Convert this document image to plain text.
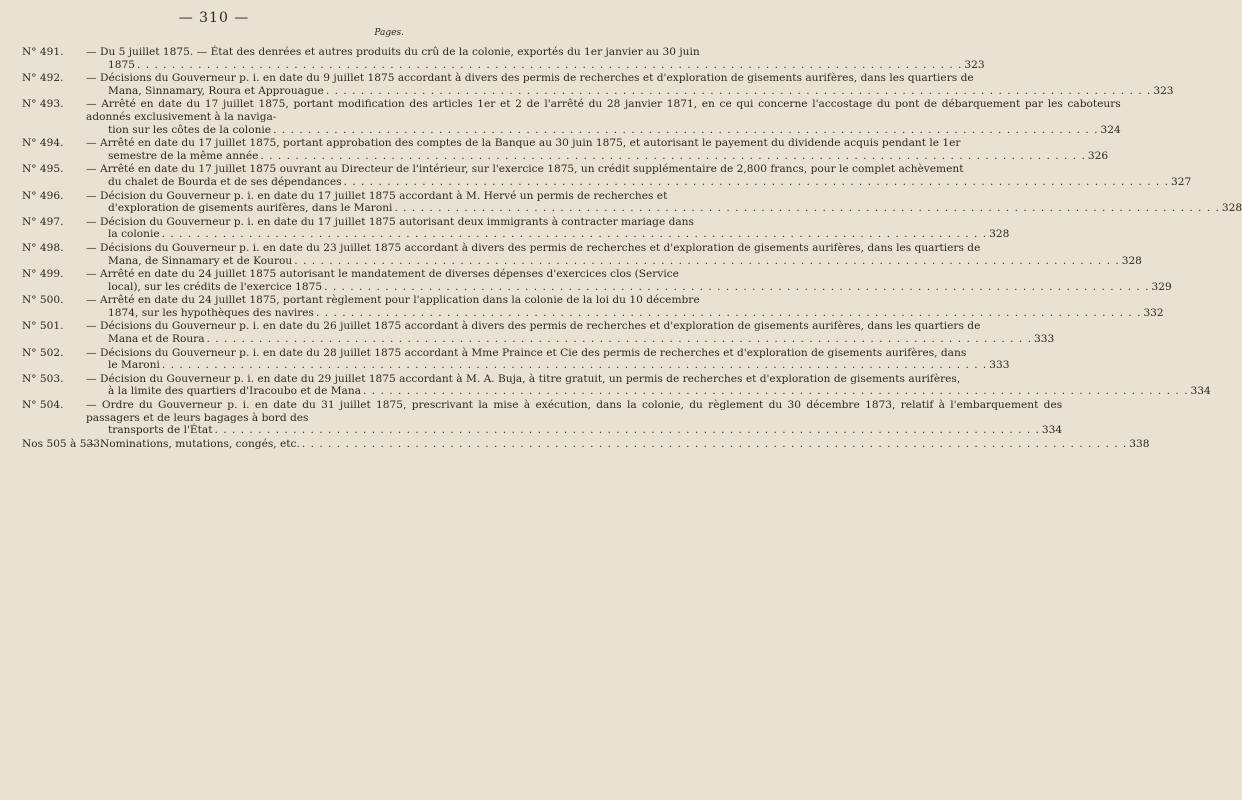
— 310 —
Pages.
N° 491.	— Du 5 juillet 1875. — État des denrées et autres produits du crû de la colonie, exportés du 1er janvier au 30 juin
1875 . . .	323
N° 492.	— Décisions du Gouverneur p. i. en date du 9 juillet 1875 accordant à divers des permis de recherches et d'exploration de gisements aurifères, dans les quartiers de
Mana, Sinnamary, Roura et Approuague . . .	323
N° 493.	— Arrêté en date du 17 juillet 1875, portant modification des articles 1er et 2 de l'arrêté du 28 janvier 1871, en ce qui concerne l'accostage du pont de débarquement par les caboteurs adonnés exclusivement à la naviga-
tion sur les côtes de la colonie . . .	324
N° 494.	— Arrêté en date du 17 juillet 1875, portant approbation des comptes de la Banque au 30 juin 1875, et autorisant le payement du dividende acquis pendant le 1er
semestre de la même année . . .	326
N° 495.	— Arrêté en date du 17 juillet 1875 ouvrant au Directeur de l'intérieur, sur l'exercice 1875, un crédit supplémentaire de 2,800 francs, pour le complet achèvement
du chalet de Bourda et de ses dépendances . . .	327
N° 496.	— Décision du Gouverneur p. i. en date du 17 juillet 1875 accordant à M. Hervé un permis de recherches et
d'exploration de gisements aurifères, dans le Maroni . . .	328
N° 497.	— Décision du Gouverneur p. i. en date du 17 juillet 1875 autorisant deux immigrants à contracter mariage dans
la colonie . . .	328
N° 498.	— Décisions du Gouverneur p. i. en date du 23 juillet 1875 accordant à divers des permis de recherches et d'exploration de gisements aurifères, dans les quartiers de
Mana, de Sinnamary et de Kourou . . .	328
N° 499.	— Arrêté en date du 24 juillet 1875 autorisant le mandatement de diverses dépenses d'exercices clos (Service
local), sur les crédits de l'exercice 1875 . . .	329
N° 500.	— Arrêté en date du 24 juillet 1875, portant règlement pour l'application dans la colonie de la loi du 10 décembre
1874, sur les hypothèques des navires . . .	332
N° 501.	— Décisions du Gouverneur p. i. en date du 26 juillet 1875 accordant à divers des permis de recherches et d'exploration de gisements aurifères, dans les quartiers de
Mana et de Roura . . .	333
N° 502.	— Décisions du Gouverneur p. i. en date du 28 juillet 1875 accordant à Mme Praince et Cie des permis de recherches et d'exploration de gisements aurifères, dans
le Maroni . . .	333
N° 503.	— Décision du Gouverneur p. i. en date du 29 juillet 1875 accordant à M. A. Buja, à titre gratuit, un permis de recherches et d'exploration de gisements aurifères,
à la limite des quartiers d'Iracoubo et de Mana . . .	334
N° 504.	— Ordre du Gouverneur p. i. en date du 31 juillet 1875, prescrivant la mise à exécution, dans la colonie, du règlement du 30 décembre 1873, relatif à l'embarquement des passagers et de leurs bagages à bord des
transports de l'État . . .	334
Nos 505 à 533.
— Nominations, mutations, congés, etc. . . .	338
